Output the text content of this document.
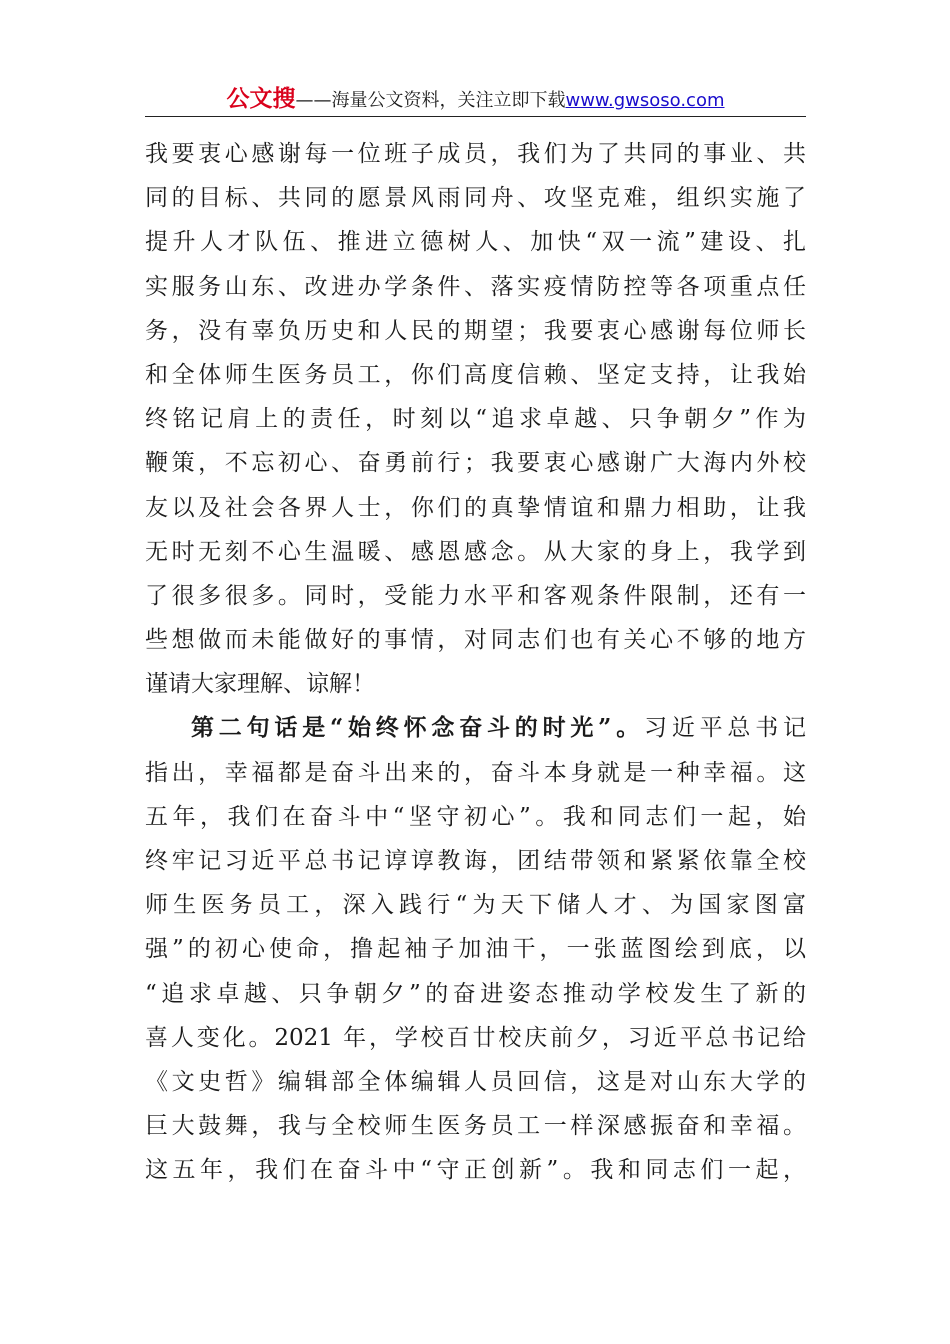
公文搜——海量公文资料，关注立即下载www.gwsoso.com
我要衷心感谢每一位班子成员，我们为了共同的事业、共
同的目标、共同的愿景风雨同舟、攻坚克难，组织实施了
提升人才队伍、推进立德树人、加快“双一流”建设、扎
实服务山东、改进办学条件、落实疫情防控等各项重点任
务，没有辜负历史和人民的期望；我要衷心感谢每位师长
和全体师生医务员工，你们高度信赖、坚定支持，让我始
终铭记肩上的责任，时刻以“追求卓越、只争朝夕”作为
鞭策，不忘初心、奋勇前行；我要衷心感谢广大海内外校
友以及社会各界人士，你们的真挚情谊和鼎力相助，让我
无时无刻不心生温暖、感恩感念。从大家的身上，我学到
了很多很多。同时，受能力水平和客观条件限制，还有一
些想做而未能做好的事情，对同志们也有关心不够的地方
谨请大家理解、谅解！
第二句话是“始终怀念奋斗的时光”。习近平总书记
指出，幸福都是奋斗出来的，奋斗本身就是一种幸福。这
五年，我们在奋斗中“坚守初心”。我和同志们一起，始
终牢记习近平总书记谆谆教诲，团结带领和紧紧依靠全校
师生医务员工，深入践行“为天下储人才、为国家图富
强”的初心使命，撸起袖子加油干，一张蓝图绘到底，以
“追求卓越、只争朝夕”的奋进姿态推动学校发生了新的
喜人变化。2021 年，学校百廿校庆前夕，习近平总书记给
《文史哲》编辑部全体编辑人员回信，这是对山东大学的
巨大鼓舞，我与全校师生医务员工一样深感振奋和幸福。
这五年，我们在奋斗中“守正创新”。我和同志们一起，
